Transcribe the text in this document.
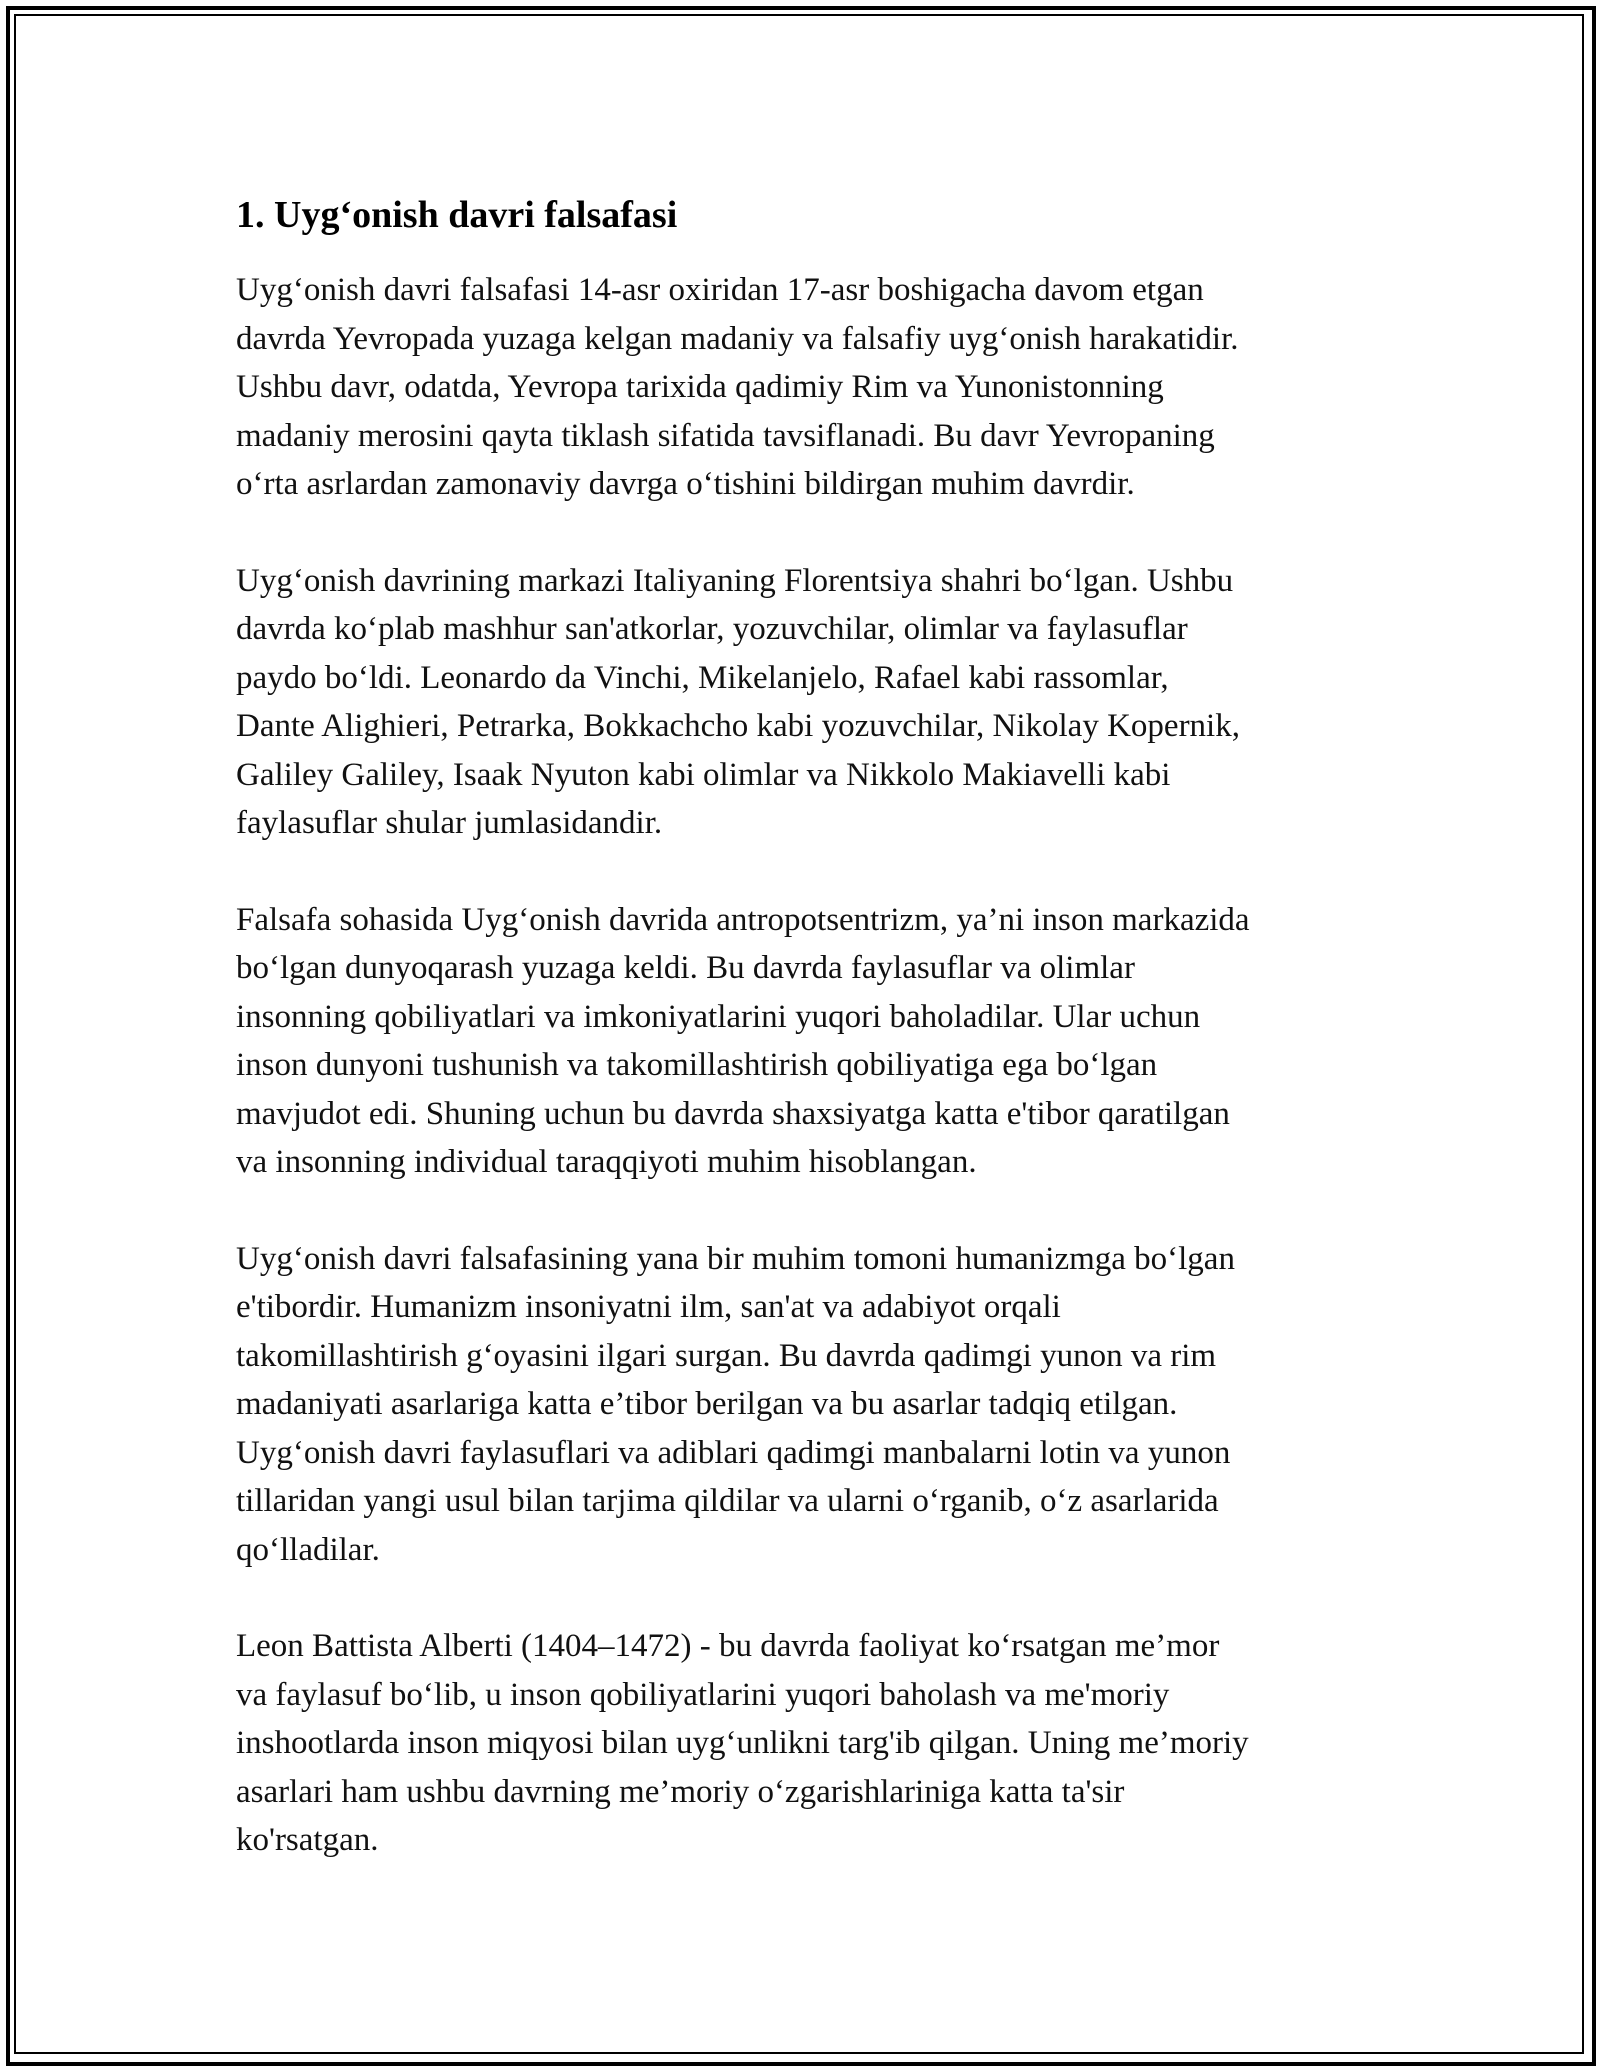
1. Uyg‘onish davri falsafasi

Uyg‘onish davri falsafasi 14-asr oxiridan 17-asr boshigacha davom etgan
davrda Yevropada yuzaga kelgan madaniy va falsafiy uyg‘onish harakatidir.
Ushbu davr, odatda, Yevropa tarixida qadimiy Rim va Yunonistonning
madaniy merosini qayta tiklash sifatida tavsiflanadi. Bu davr Yevropaning
o‘rta asrlardan zamonaviy davrga o‘tishini bildirgan muhim davrdir.

Uyg‘onish davrining markazi Italiyaning Florentsiya shahri bo‘lgan. Ushbu
davrda ko‘plab mashhur san'atkorlar, yozuvchilar, olimlar va faylasuflar
paydo bo‘ldi. Leonardo da Vinchi, Mikelanjelo, Rafael kabi rassomlar,
Dante Alighieri, Petrarka, Bokkachcho kabi yozuvchilar, Nikolay Kopernik,
Galiley Galiley, Isaak Nyuton kabi olimlar va Nikkolo Makiavelli kabi
faylasuflar shular jumlasidandir.

Falsafa sohasida Uyg‘onish davrida antropotsentrizm, ya’ni inson markazida
bo‘lgan dunyoqarash yuzaga keldi. Bu davrda faylasuflar va olimlar
insonning qobiliyatlari va imkoniyatlarini yuqori baholadilar. Ular uchun
inson dunyoni tushunish va takomillashtirish qobiliyatiga ega bo‘lgan
mavjudot edi. Shuning uchun bu davrda shaxsiyatga katta e'tibor qaratilgan
va insonning individual taraqqiyoti muhim hisoblangan.

Uyg‘onish davri falsafasining yana bir muhim tomoni humanizmga bo‘lgan
e'tibordir. Humanizm insoniyatni ilm, san'at va adabiyot orqali
takomillashtirish g‘oyasini ilgari surgan. Bu davrda qadimgi yunon va rim
madaniyati asarlariga katta e’tibor berilgan va bu asarlar tadqiq etilgan.
Uyg‘onish davri faylasuflari va adiblari qadimgi manbalarni lotin va yunon
tillaridan yangi usul bilan tarjima qildilar va ularni o‘rganib, o‘z asarlarida
qo‘lladilar.

Leon Battista Alberti (1404–1472) - bu davrda faoliyat ko‘rsatgan me’mor
va faylasuf bo‘lib, u inson qobiliyatlarini yuqori baholash va me'moriy
inshootlarda inson miqyosi bilan uyg‘unlikni targ'ib qilgan. Uning me’moriy
asarlari ham ushbu davrning me’moriy o‘zgarishlariniga katta ta'sir
ko'rsatgan.
